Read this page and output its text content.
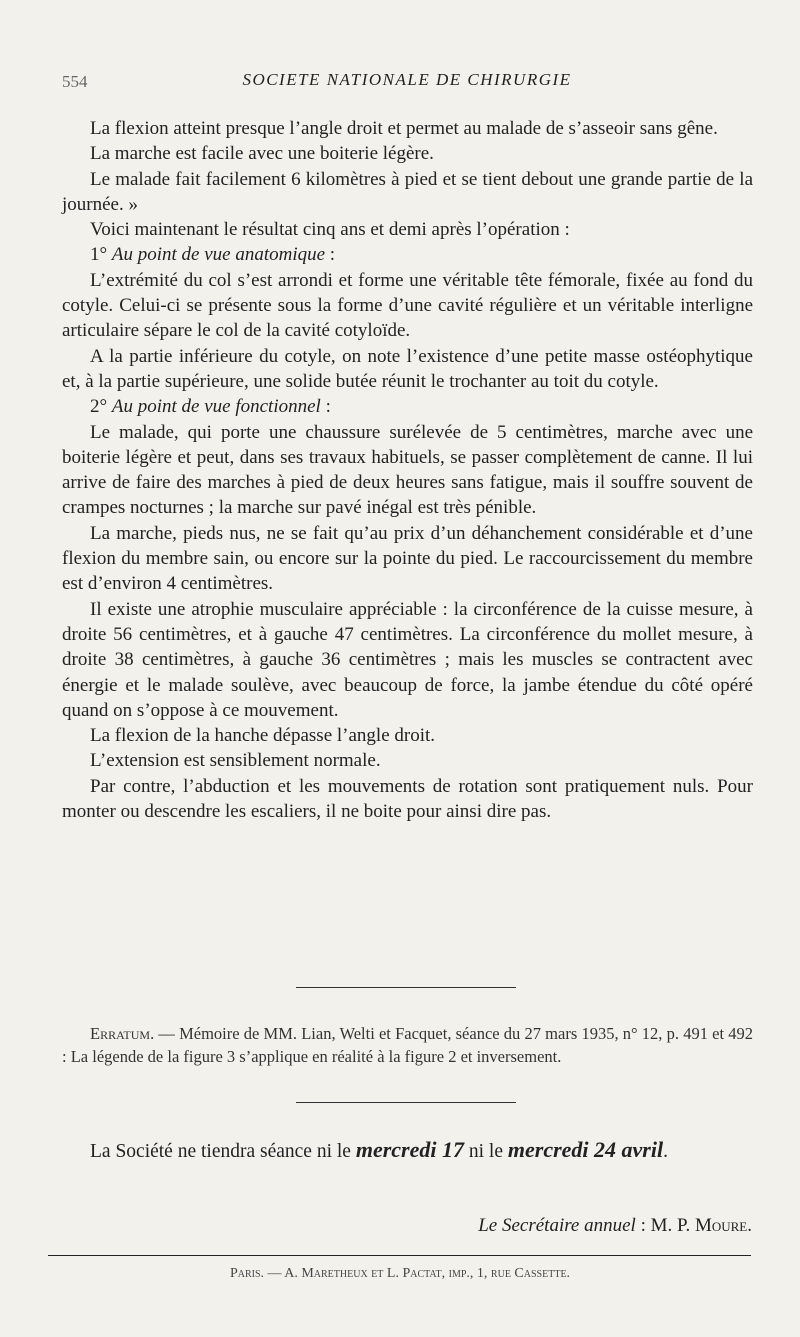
554	SOCIETE NATIONALE DE CHIRURGIE

La flexion atteint presque l’angle droit et permet au malade de s’asseoir sans gêne.

La marche est facile avec une boiterie légère.

Le malade fait facilement 6 kilomètres à pied et se tient debout une grande partie de la journée. »

Voici maintenant le résultat cinq ans et demi après l’opération :

1° Au point de vue anatomique :

L’extrémité du col s’est arrondi et forme une véritable tête fémorale, fixée au fond du cotyle. Celui-ci se présente sous la forme d’une cavité régulière et un véritable interligne articulaire sépare le col de la cavité cotyloïde.

A la partie inférieure du cotyle, on note l’existence d’une petite masse ostéophytique et, à la partie supérieure, une solide butée réunit le trochanter au toit du cotyle.

2° Au point de vue fonctionnel :

Le malade, qui porte une chaussure surélevée de 5 centimètres, marche avec une boiterie légère et peut, dans ses travaux habituels, se passer complètement de canne. Il lui arrive de faire des marches à pied de deux heures sans fatigue, mais il souffre souvent de crampes nocturnes ; la marche sur pavé inégal est très pénible.

La marche, pieds nus, ne se fait qu’au prix d’un déhanchement considérable et d’une flexion du membre sain, ou encore sur la pointe du pied. Le raccourcissement du membre est d’environ 4 centimètres.

Il existe une atrophie musculaire appréciable : la circonférence de la cuisse mesure, à droite 56 centimètres, et à gauche 47 centimètres. La circonférence du mollet mesure, à droite 38 centimètres, à gauche 36 centimètres ; mais les muscles se contractent avec énergie et le malade soulève, avec beaucoup de force, la jambe étendue du côté opéré quand on s’oppose à ce mouvement.

La flexion de la hanche dépasse l’angle droit.

L’extension est sensiblement normale.

Par contre, l’abduction et les mouvements de rotation sont pratiquement nuls. Pour monter ou descendre les escaliers, il ne boite pour ainsi dire pas.

Erratum. — Mémoire de MM. Lian, Welti et Facquet, séance du 27 mars 1935, n° 12, p. 491 et 492 : La légende de la figure 3 s’applique en réalité à la figure 2 et inversement.

La Société ne tiendra séance ni le mercredi 17 ni le mercredi 24 avril.

Le Secrétaire annuel : M. P. Moure.
Paris. — A. Maretheux et L. Pactat, imp., 1, rue Cassette.
